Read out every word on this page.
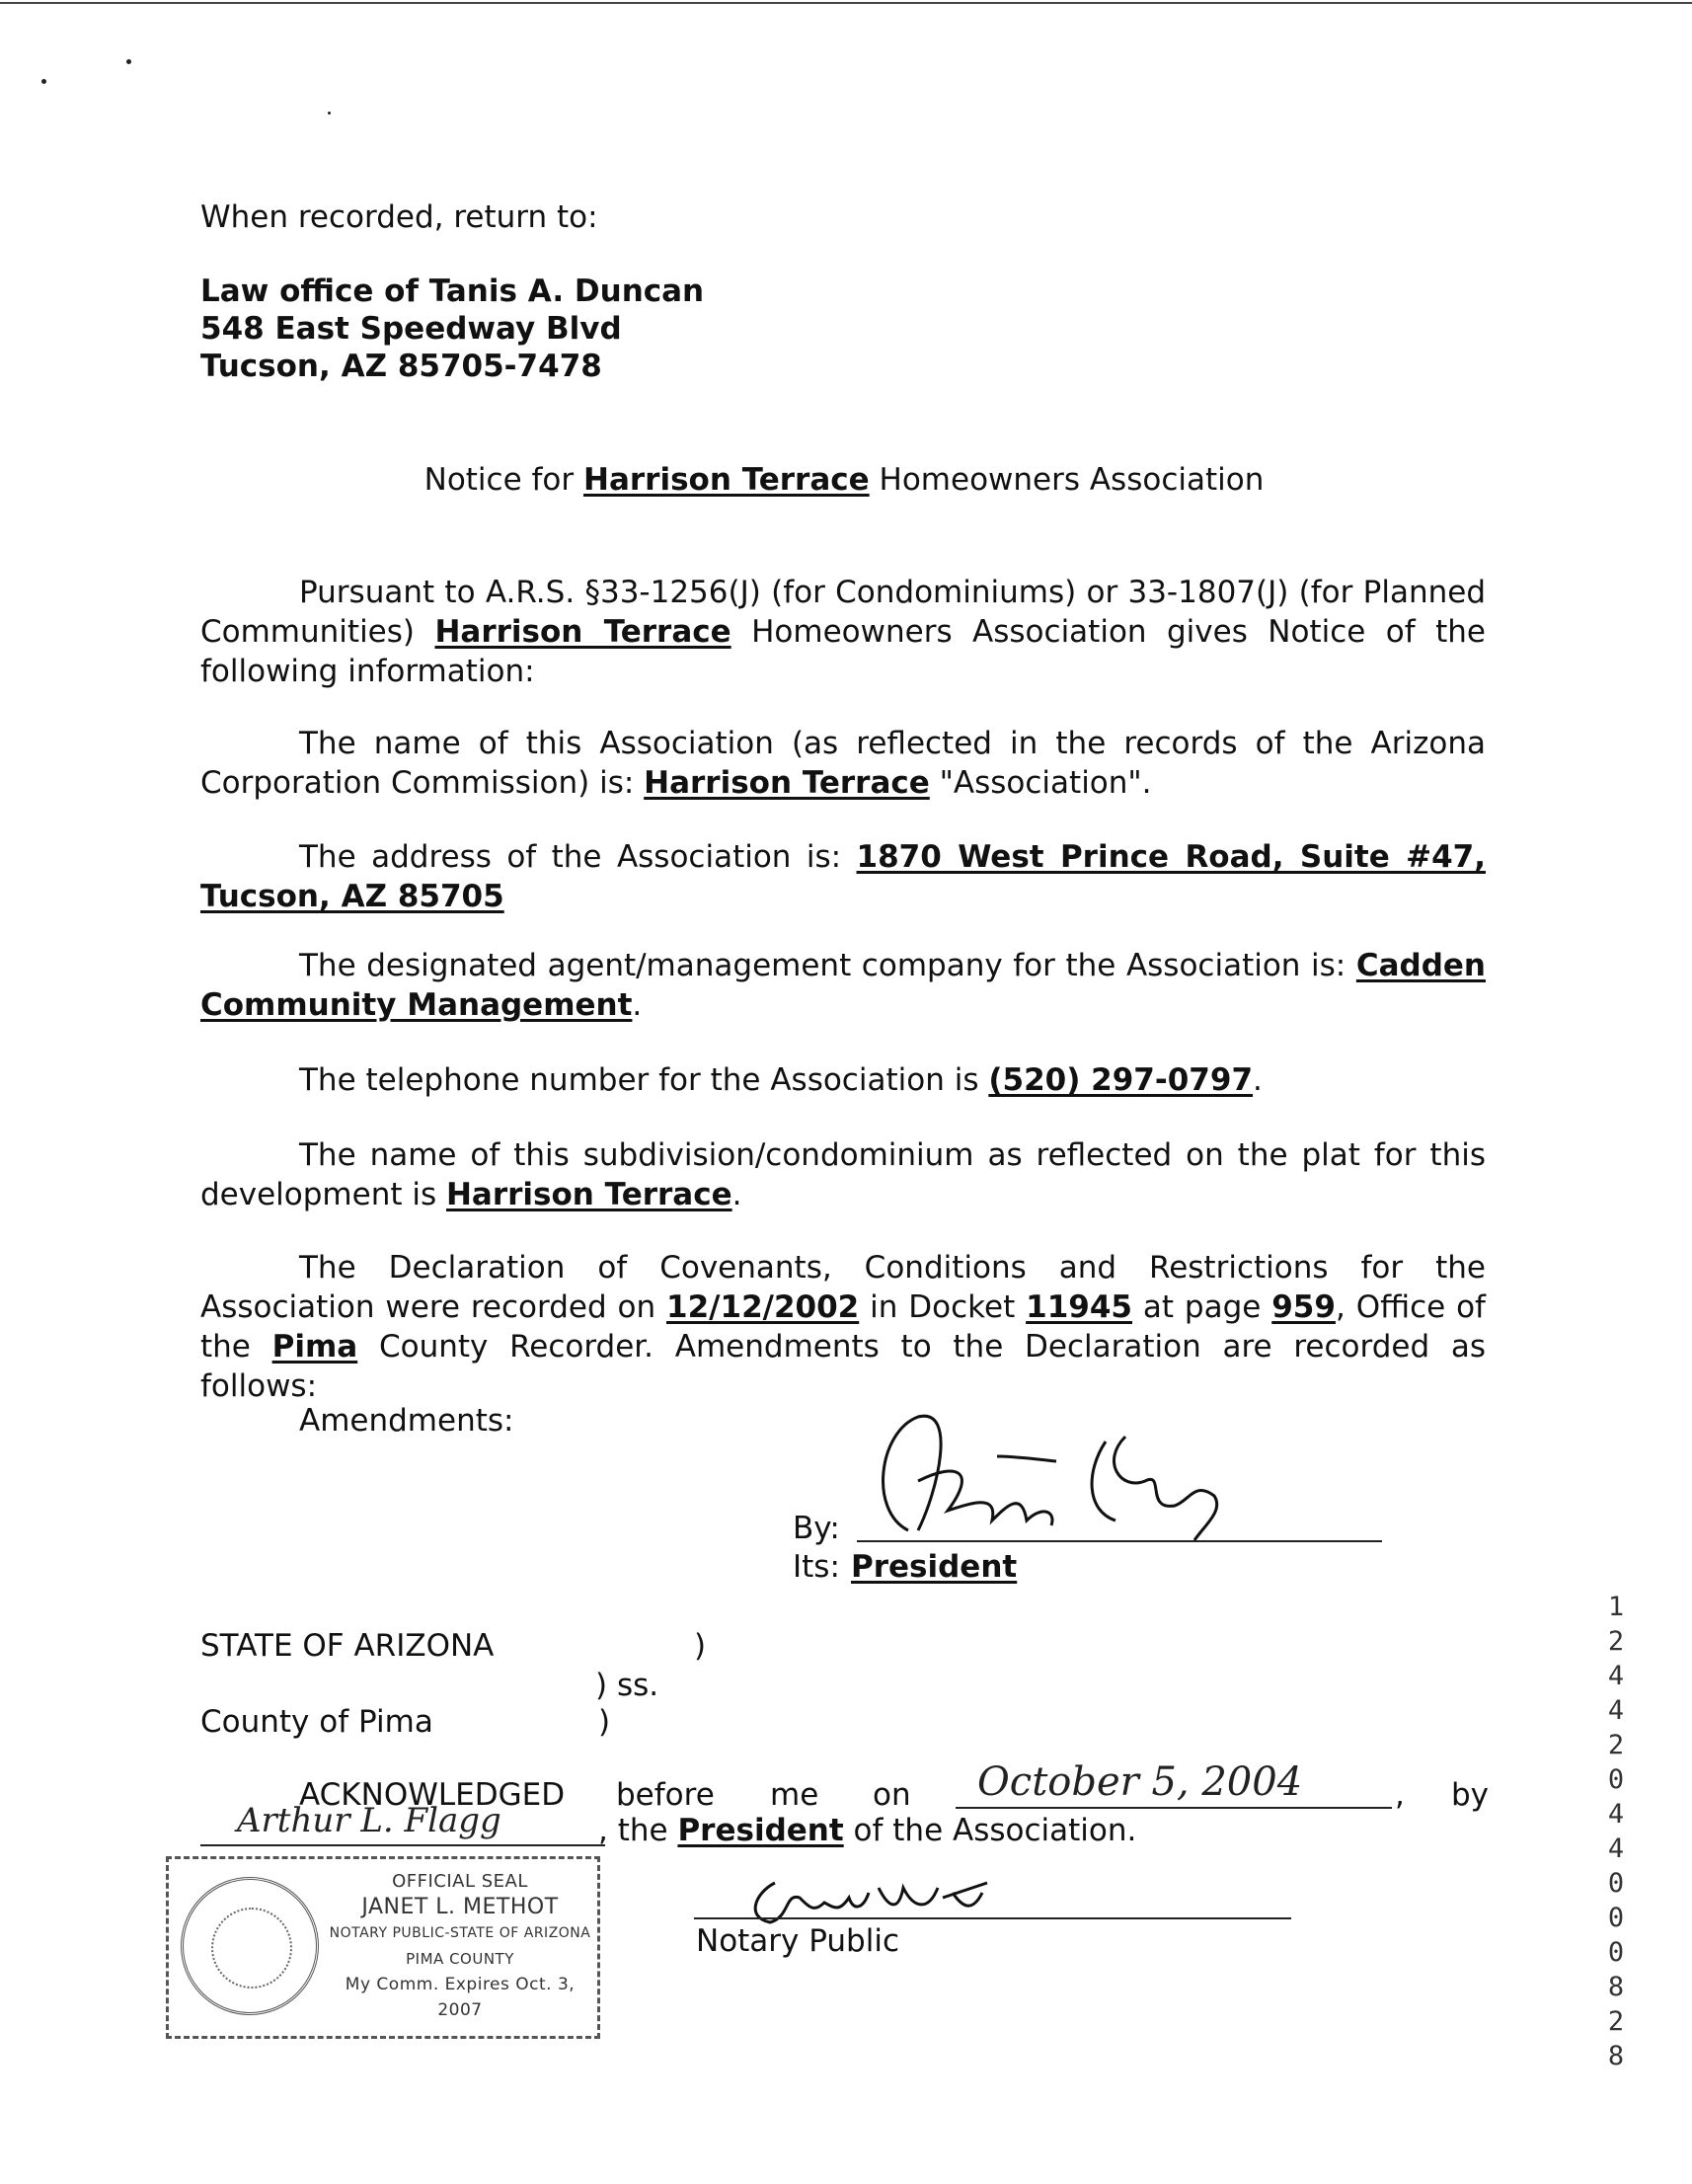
When recorded, return to:
Law office of Tanis A. Duncan
548 East Speedway Blvd
Tucson, AZ 85705-7478
Notice for Harrison Terrace Homeowners Association
Pursuant to A.R.S. §33-1256(J) (for Condominiums) or 33-1807(J) (for Planned Communities) Harrison Terrace Homeowners Association gives Notice of the following information:
The name of this Association (as reflected in the records of the Arizona Corporation Commission) is: Harrison Terrace "Association".
The address of the Association is: 1870 West Prince Road, Suite #47, Tucson, AZ 85705
The designated agent/management company for the Association is: Cadden Community Management.
The telephone number for the Association is (520) 297-0797.
The name of this subdivision/condominium as reflected on the plat for this development is Harrison Terrace.
The Declaration of Covenants, Conditions and Restrictions for the Association were recorded on 12/12/2002 in Docket 11945 at page 959, Office of the Pima County Recorder. Amendments to the Declaration are recorded as follows:
Amendments:
By:
Its: President
STATE OF ARIZONA	)
) ss.
County of Pima	)
ACKNOWLEDGED before me on October 5, 2004	, by
Arthur L. Flagg	, the President of the Association.
OFFICIAL SEAL
JANET L. METHOT
NOTARY PUBLIC-STATE OF ARIZONA
PIMA COUNTY
My Comm. Expires Oct. 3, 2007
Notary Public
12442 0440 00828
